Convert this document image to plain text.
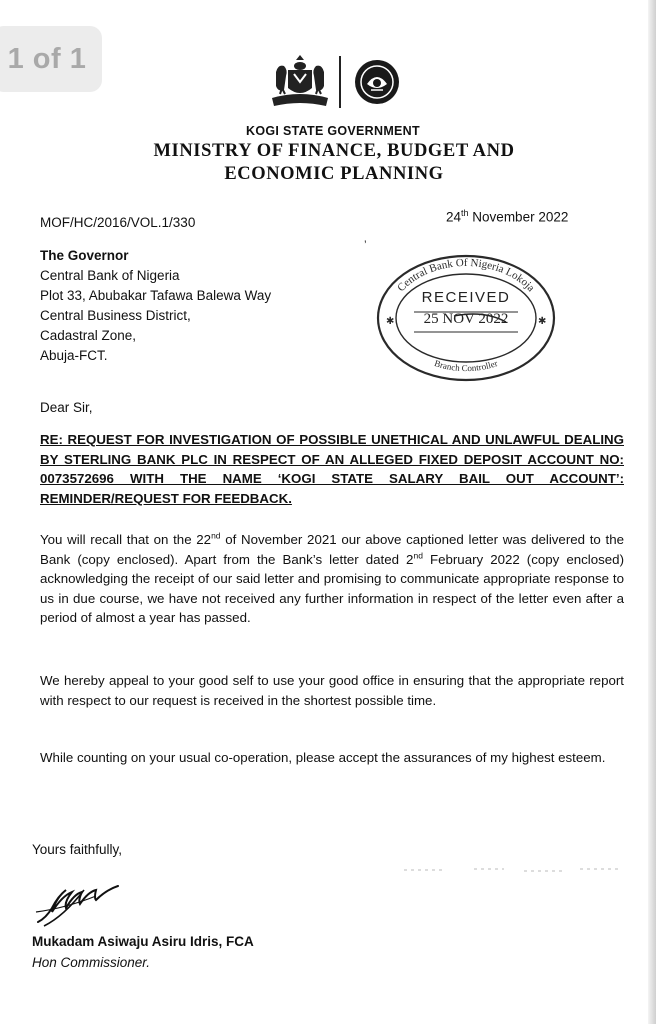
1 of 1
KOGI STATE GOVERNMENT
MINISTRY OF FINANCE, BUDGET AND
ECONOMIC PLANNING
MOF/HC/2016/VOL.1/330	24th November 2022
The Governor
Central Bank of Nigeria
Plot 33, Abubakar Tafawa Balewa Way
Central Business District,
Cadastral Zone,
Abuja-FCT.
’
Central Bank Of Nigeria Lokoja
Branch Controller
✱	✱
RECEIVED
25 NOV 2022
Dear Sir,
RE: REQUEST FOR INVESTIGATION OF POSSIBLE UNETHICAL AND UNLAWFUL DEALING BY STERLING BANK PLC IN RESPECT OF AN ALLEGED FIXED DEPOSIT ACCOUNT NO: 0073572696 WITH THE NAME ‘KOGI STATE SALARY BAIL OUT ACCOUNT’: REMINDER/REQUEST FOR FEEDBACK.
You will recall that on the 22nd of November 2021 our above captioned letter was delivered to the Bank (copy enclosed). Apart from the Bank’s letter dated 2nd February 2022 (copy enclosed) acknowledging the receipt of our said letter and promising to communicate appropriate response to us in due course, we have not received any further information in respect of the letter even after a period of almost a year has passed.
We hereby appeal to your good self to use your good office in ensuring that the appropriate report with respect to our request is received in the shortest possible time.
While counting on your usual co-operation, please accept the assurances of my highest esteem.
Yours faithfully,
Mukadam Asiwaju Asiru Idris, FCA
Hon Commissioner.
